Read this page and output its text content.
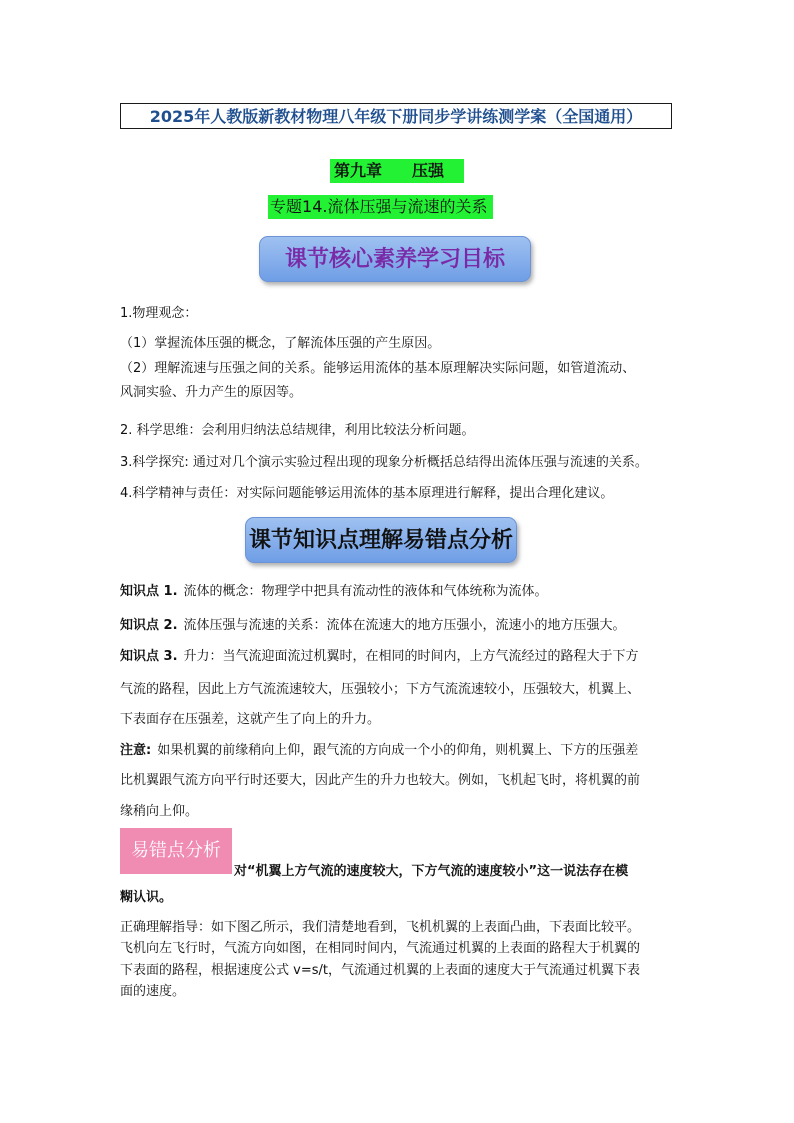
2025年人教版新教材物理八年级下册同步学讲练测学案（全国通用）
第九章 压强
专题14.流体压强与流速的关系
课节核心素养学习目标
1.物理观念：
（1）掌握流体压强的概念，了解流体压强的产生原因。
（2）理解流速与压强之间的关系。能够运用流体的基本原理解决实际问题，如管道流动、
风洞实验、升力产生的原因等。
2. 科学思维：会利用归纳法总结规律，利用比较法分析问题。
3.科学探究: 通过对几个演示实验过程出现的现象分析概括总结得出流体压强与流速的关系。
4.科学精神与责任：对实际问题能够运用流体的基本原理进行解释，提出合理化建议。
课节知识点理解易错点分析
知识点 1. 流体的概念：物理学中把具有流动性的液体和气体统称为流体。
知识点 2. 流体压强与流速的关系：流体在流速大的地方压强小，流速小的地方压强大。
知识点 3. 升力：当气流迎面流过机翼时，在相同的时间内，上方气流经过的路程大于下方
气流的路程，因此上方气流流速较大，压强较小；下方气流流速较小，压强较大，机翼上、
下表面存在压强差，这就产生了向上的升力。
注意: 如果机翼的前缘稍向上仰，跟气流的方向成一个小的仰角，则机翼上、下方的压强差
比机翼跟气流方向平行时还要大，因此产生的升力也较大。例如，飞机起飞时，将机翼的前
缘稍向上仰。
易错点分析
对“机翼上方气流的速度较大，下方气流的速度较小”这一说法存在模
糊认识。
正确理解指导：如下图乙所示，我们清楚地看到，飞机机翼的上表面凸曲，下表面比较平。
飞机向左飞行时，气流方向如图，在相同时间内，气流通过机翼的上表面的路程大于机翼的
下表面的路程，根据速度公式 v=s/t，气流通过机翼的上表面的速度大于气流通过机翼下表
面的速度。
